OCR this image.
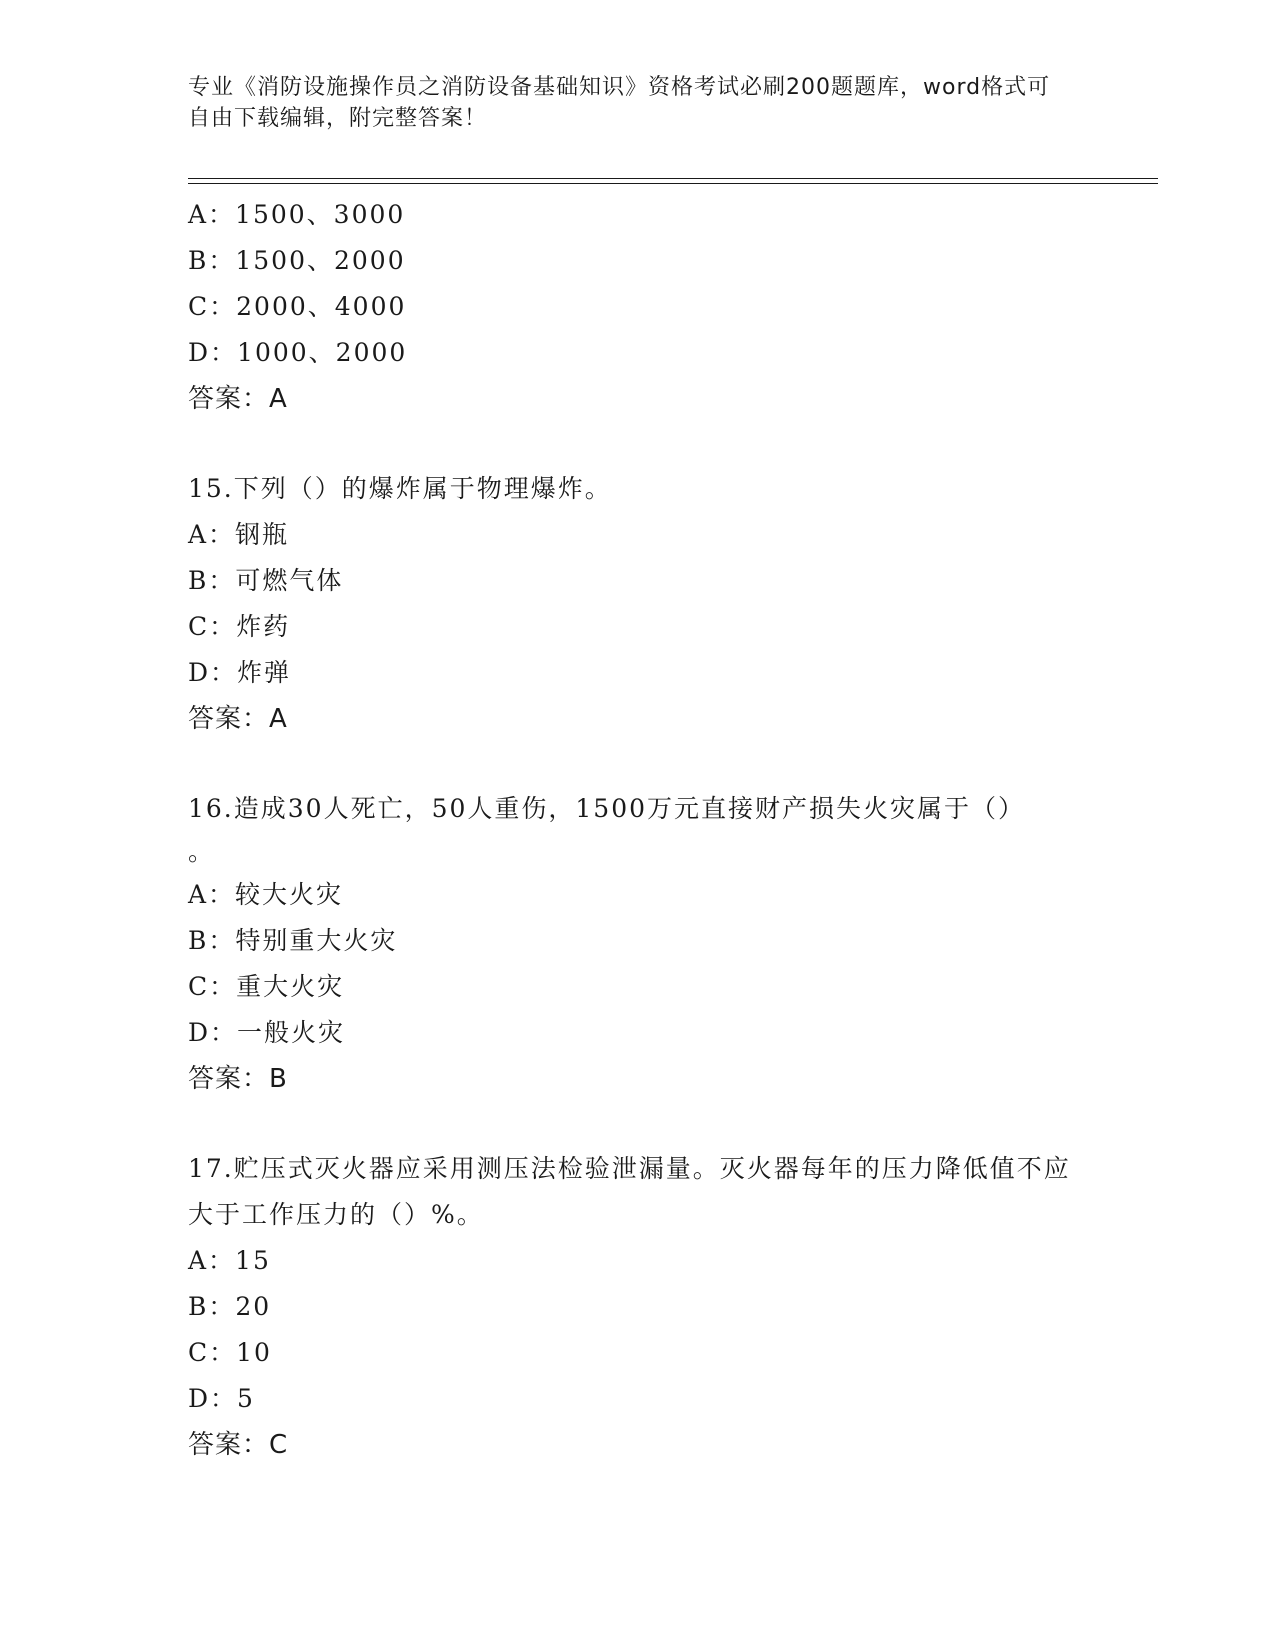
专业《消防设施操作员之消防设备基础知识》资格考试必刷200题题库，word格式可自由下载编辑，附完整答案！
A：1500、3000
B：1500、2000
C：2000、4000
D：1000、2000
答案：A
15.下列（）的爆炸属于物理爆炸。
A：钢瓶
B：可燃气体
C：炸药
D：炸弹
答案：A
16.造成30人死亡，50人重伤，1500万元直接财产损失火灾属于（）
。
A：较大火灾
B：特别重大火灾
C：重大火灾
D：一般火灾
答案：B
17.贮压式灭火器应采用测压法检验泄漏量。灭火器每年的压力降低值不应大于工作压力的（）%。
A：15
B：20
C：10
D：5
答案：C
